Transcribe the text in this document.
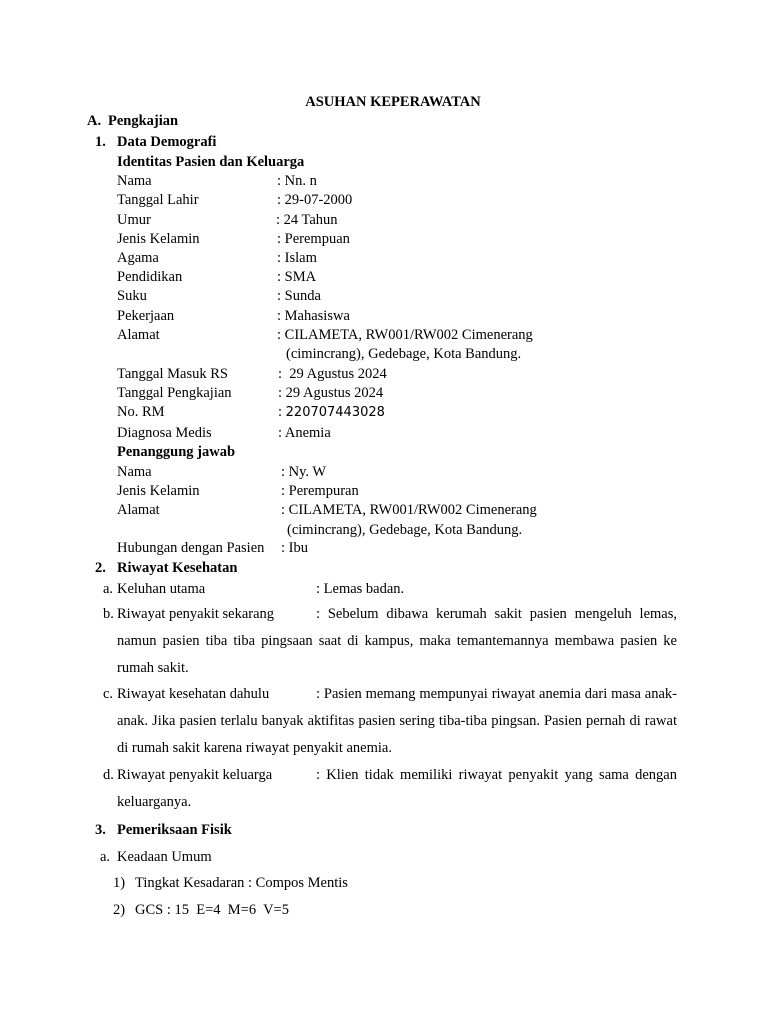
ASUHAN KEPERAWATAN
A. Pengkajian
1. Data Demografi
Identitas Pasien dan Keluarga
Nama	: Nn. n
Tanggal Lahir	: 29-07-2000
Umur	: 24 Tahun
Jenis Kelamin	: Perempuan
Agama	: Islam
Pendidikan	: SMA
Suku	: Sunda
Pekerjaan	: Mahasiswa
Alamat	: CILAMETA, RW001/RW002 Cimenerang
(cimincrang), Gedebage, Kota Bandung.
Tanggal Masuk RS	:  29 Agustus 2024
Tanggal Pengkajian	: 29 Agustus 2024
No. RM	: 220707443028
Diagnosa Medis	: Anemia
Penanggung jawab
Nama	: Ny. W
Jenis Kelamin	: Perempuran
Alamat	: CILAMETA, RW001/RW002 Cimenerang
(cimincrang), Gedebage, Kota Bandung.
Hubungan dengan Pasien : Ibu
2. Riwayat Kesehatan
a. Keluhan utama	: Lemas badan.
b. Riwayat penyakit sekarang	: Sebelum dibawa kerumah sakit pasien mengeluh lemas, namun pasien tiba tiba pingsaan saat di kampus, maka temantemannya membawa pasien ke rumah sakit.
c. Riwayat kesehatan dahulu	: Pasien memang mempunyai riwayat anemia dari masa anak-anak. Jika pasien terlalu banyak aktifitas pasien sering tiba-tiba pingsan. Pasien pernah di rawat di rumah sakit karena riwayat penyakit anemia.
d. Riwayat penyakit keluarga	: Klien tidak memiliki riwayat penyakit yang sama dengan keluarganya.
3. Pemeriksaan Fisik
a. Keadaan Umum
1) Tingkat Kesadaran : Compos Mentis
2) GCS : 15  E=4  M=6  V=5
